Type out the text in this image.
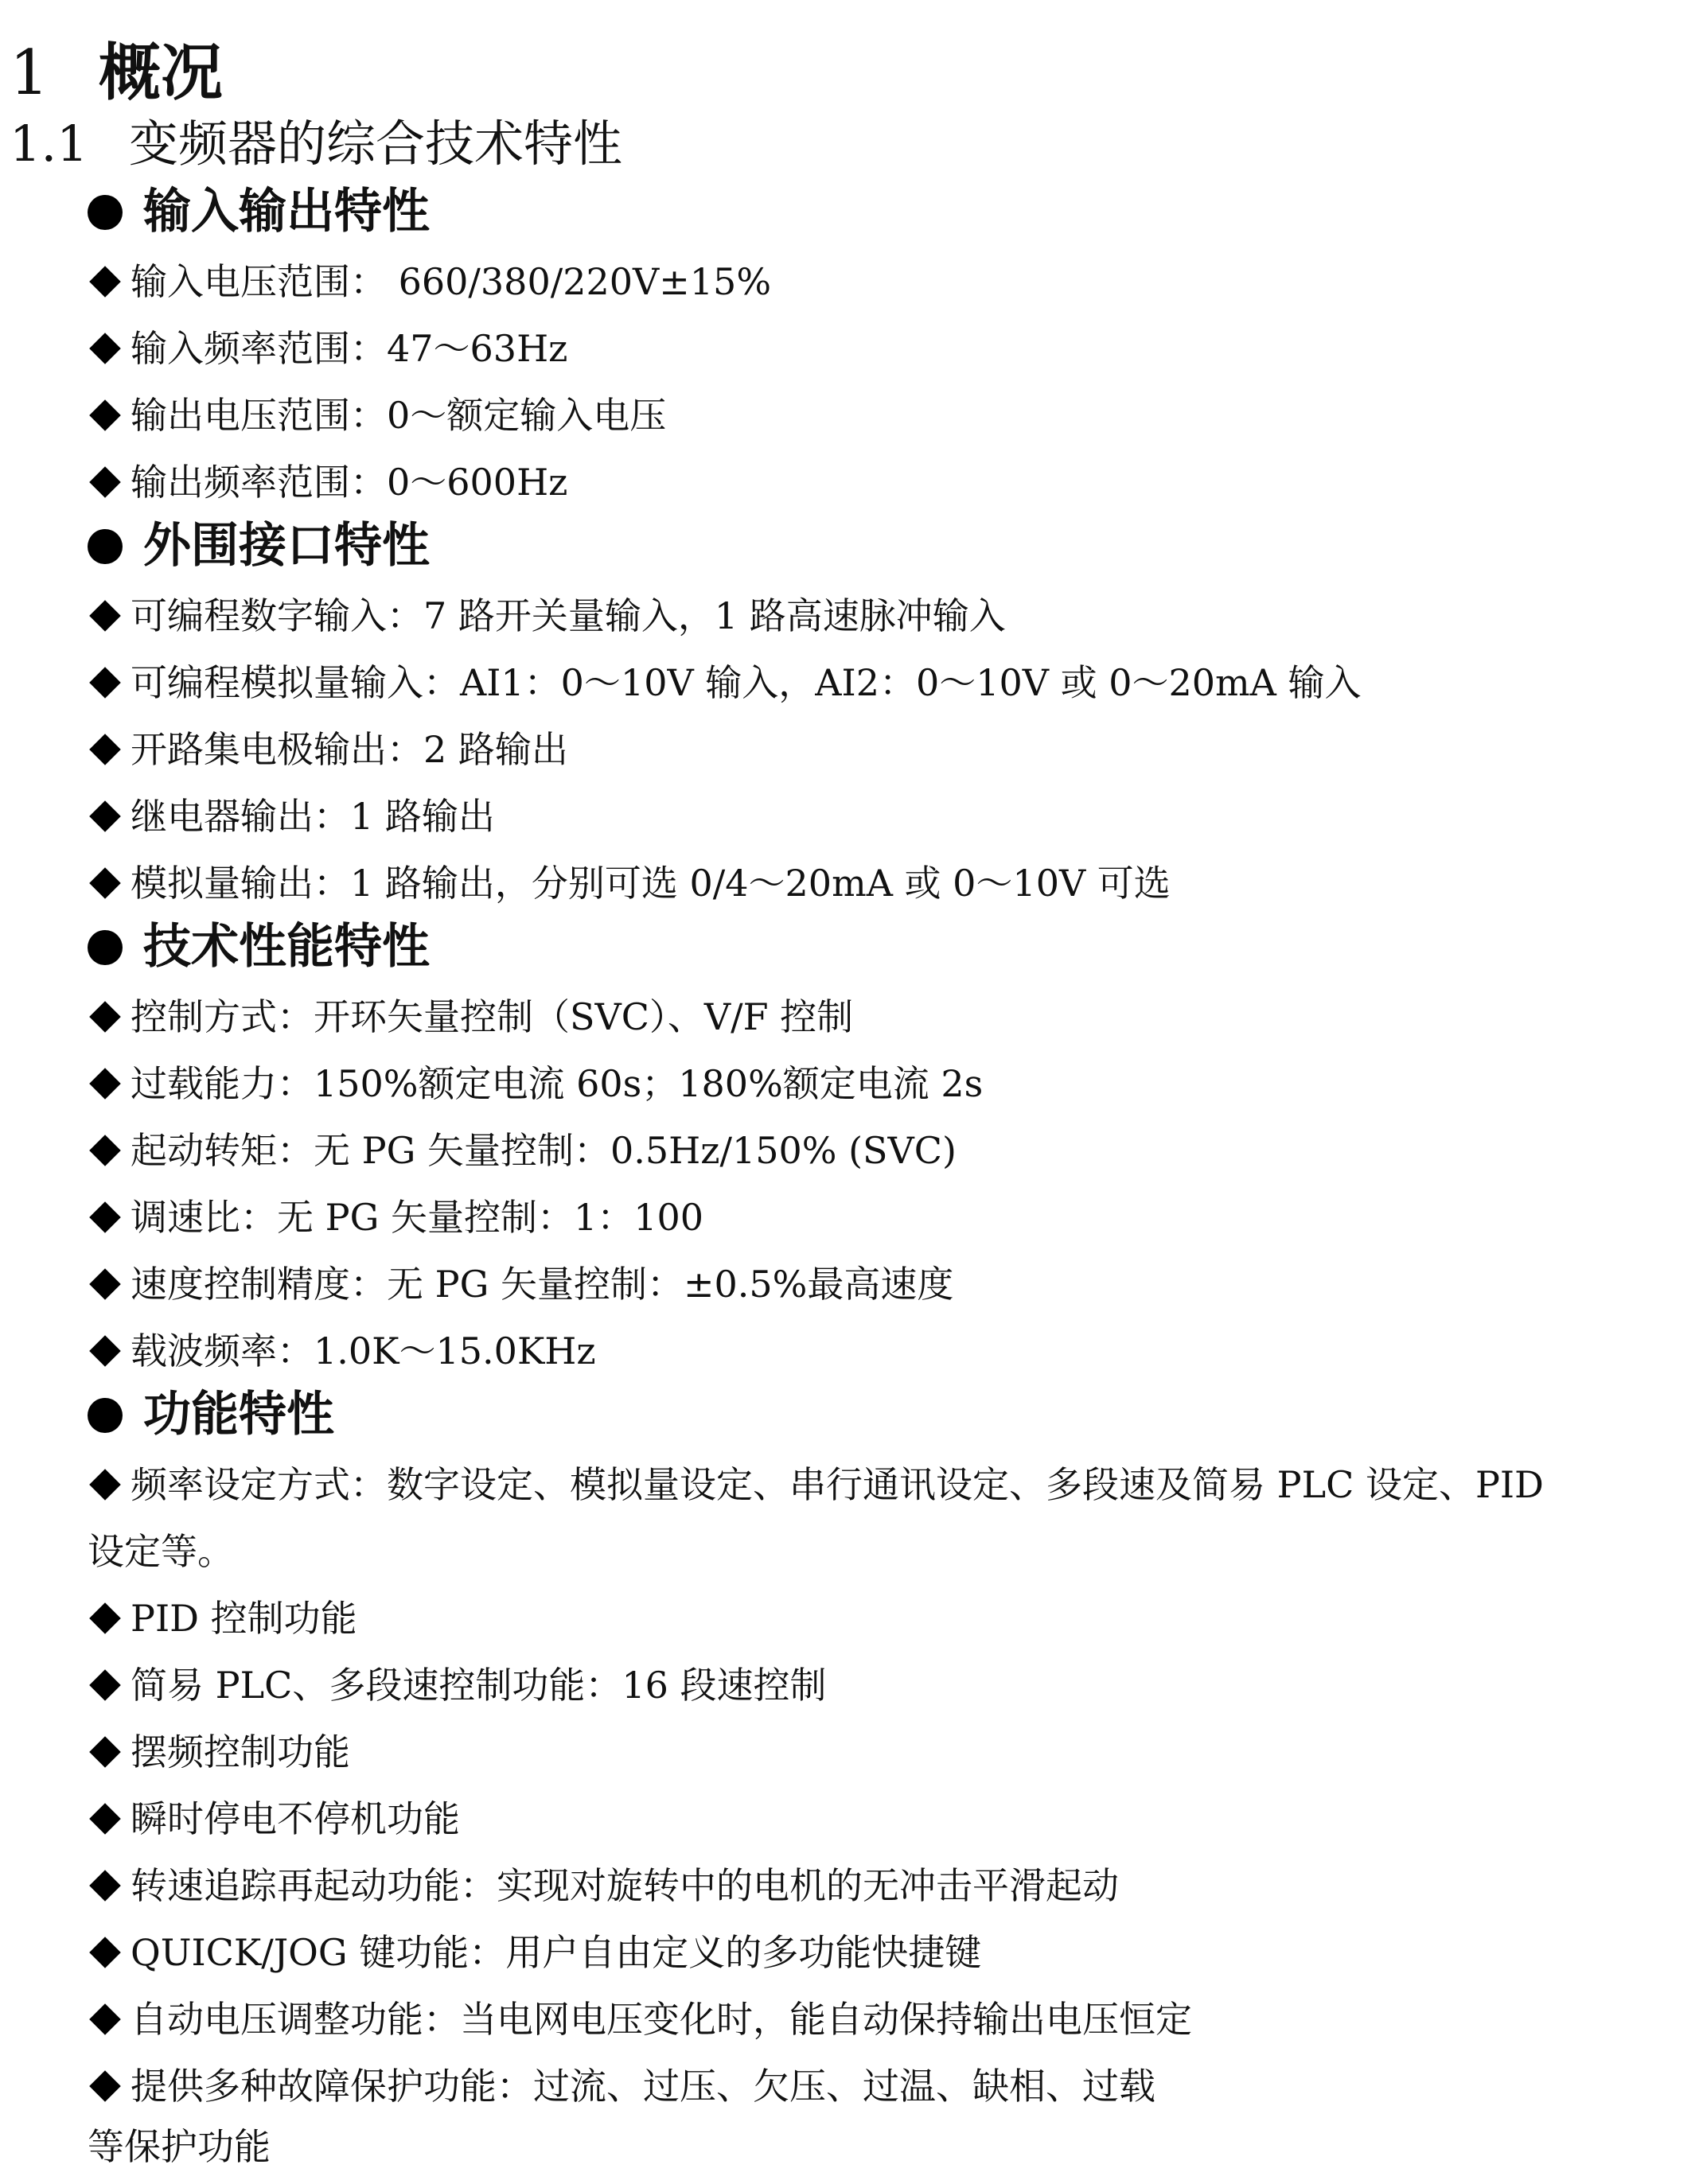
1 概况
1.1 变频器的综合技术特性
输入输出特性
输入电压范围： 660/380/220V±15%
输入频率范围：47～63Hz
输出电压范围：0～额定输入电压
输出频率范围：0～600Hz
外围接口特性
可编程数字输入：7 路开关量输入，1 路高速脉冲输入
可编程模拟量输入：AI1：0～10V 输入，AI2：0～10V 或 0～20mA 输入
开路集电极输出：2 路输出
继电器输出：1 路输出
模拟量输出：1 路输出，分别可选 0/4～20mA 或 0～10V 可选
技术性能特性
控制方式：开环矢量控制（SVC）、V/F 控制
过载能力：150%额定电流 60s；180%额定电流 2s
起动转矩：无 PG 矢量控制：0.5Hz/150% (SVC)
调速比：无 PG 矢量控制：1：100
速度控制精度：无 PG 矢量控制：±0.5%最高速度
载波频率：1.0K～15.0KHz
功能特性
频率设定方式：数字设定、模拟量设定、串行通讯设定、多段速及简易 PLC 设定、PID
设定等。
PID 控制功能
简易 PLC、多段速控制功能：16 段速控制
摆频控制功能
瞬时停电不停机功能
转速追踪再起动功能：实现对旋转中的电机的无冲击平滑起动
QUICK/JOG 键功能：用户自由定义的多功能快捷键
自动电压调整功能：当电网电压变化时，能自动保持输出电压恒定
提供多种故障保护功能：过流、过压、欠压、过温、缺相、过载
等保护功能
